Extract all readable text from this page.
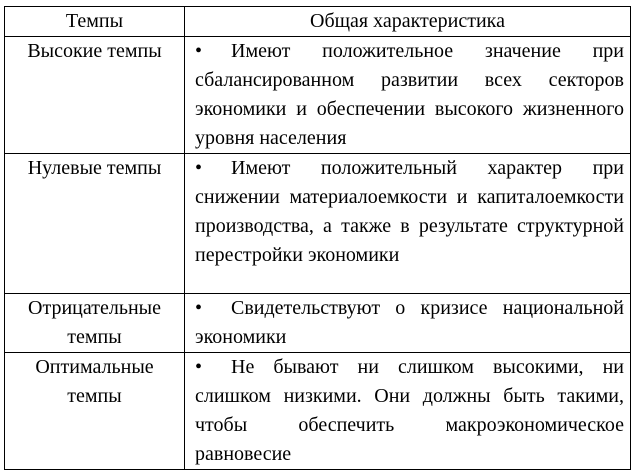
Темпы	Общая характеристика
Высокие темпы	• Имеют положительное значение при сбалансированном развитии всех секторов экономики и обеспечении высокого жизненного уровня населения
Нулевые темпы	• Имеют положительный характер при снижении материалоемкости и капиталоемкости производства, а также в результате структурной перестройки экономики
Отрицательные темпы	• Свидетельствуют о кризисе национальной экономики
Оптимальные темпы	• Не бывают ни слишком высокими, ни слишком низкими. Они должны быть такими, чтобы обеспечить макроэкономическое равновесие
